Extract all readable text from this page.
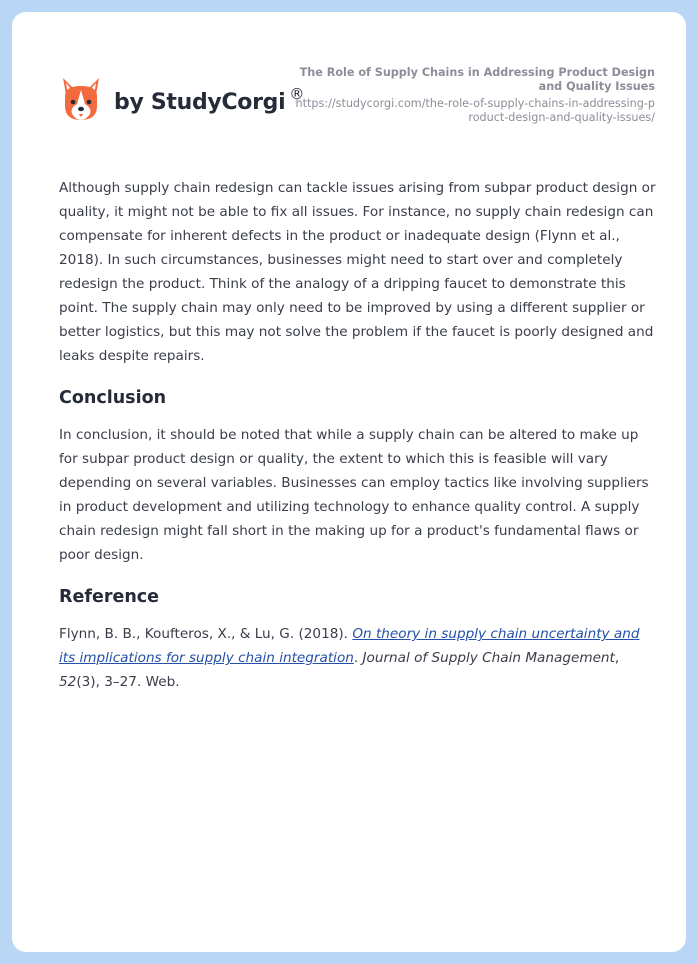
by StudyCorgi ®
The Role of Supply Chains in Addressing Product Design and Quality Issues
https://studycorgi.com/the-role-of-supply-chains-in-addressing-product-design-and-quality-issues/

Although supply chain redesign can tackle issues arising from subpar product design or quality, it might not be able to fix all issues. For instance, no supply chain redesign can compensate for inherent defects in the product or inadequate design (Flynn et al., 2018). In such circumstances, businesses might need to start over and completely redesign the product. Think of the analogy of a dripping faucet to demonstrate this point. The supply chain may only need to be improved by using a different supplier or better logistics, but this may not solve the problem if the faucet is poorly designed and leaks despite repairs.

Conclusion

In conclusion, it should be noted that while a supply chain can be altered to make up for subpar product design or quality, the extent to which this is feasible will vary depending on several variables. Businesses can employ tactics like involving suppliers in product development and utilizing technology to enhance quality control. A supply chain redesign might fall short in the making up for a product's fundamental flaws or poor design.

Reference

Flynn, B. B., Koufteros, X., & Lu, G. (2018). On theory in supply chain uncertainty and its implications for supply chain integration. Journal of Supply Chain Management, 52(3), 3–27. Web.
